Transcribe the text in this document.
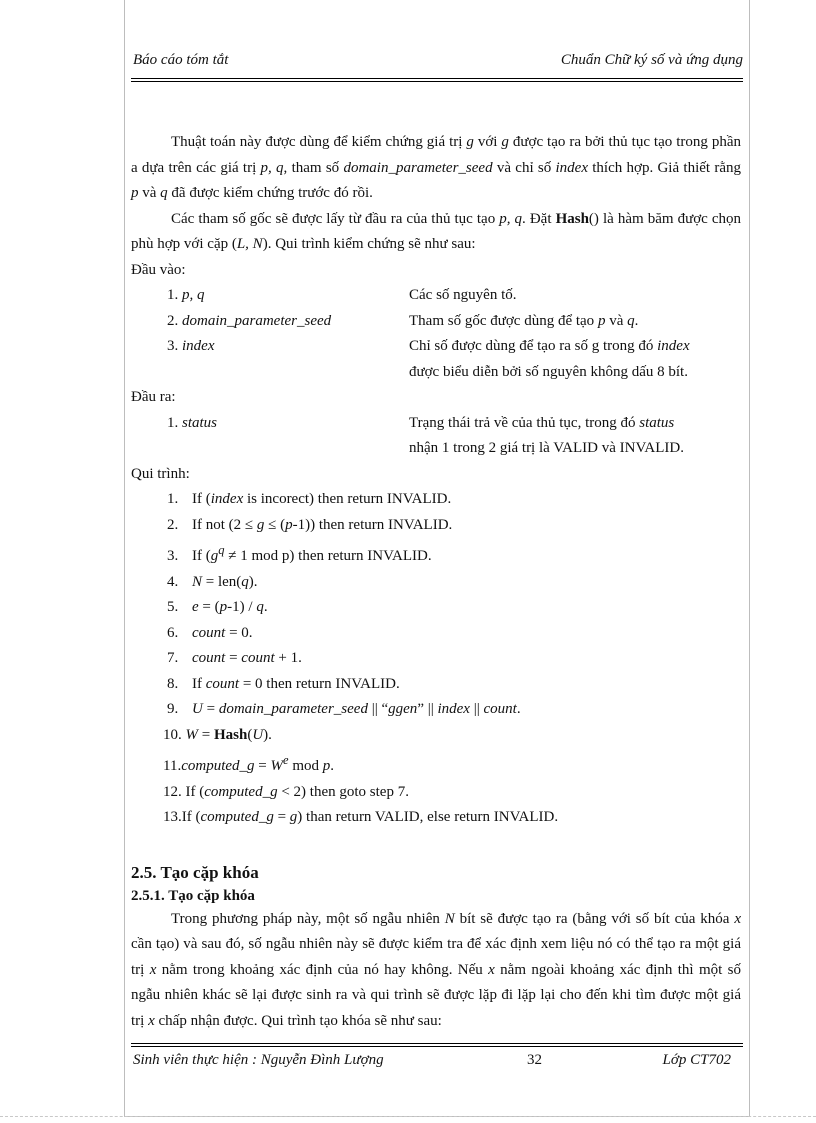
Báo cáo tóm tắt	Chuẩn Chữ ký số và ứng dụng

Thuật toán này được dùng để kiểm chứng giá trị g với g được tạo ra bởi thủ tục tạo trong phần a dựa trên các giá trị p, q, tham số domain_parameter_seed và chỉ số index thích hợp. Giả thiết rằng p và q đã được kiểm chứng trước đó rồi.

Các tham số gốc sẽ được lấy từ đầu ra của thủ tục tạo p, q. Đặt Hash() là hàm băm được chọn phù hợp với cặp (L, N). Qui trình kiểm chứng sẽ như sau:

Đầu vào:

1. p, q	Các số nguyên tố.
2. domain_parameter_seed	Tham số gốc được dùng để tạo p và q.
3. index	Chỉ số được dùng để tạo ra số g trong đó index
được biểu diễn bởi số nguyên không dấu 8 bít.

Đầu ra:

1. status	Trạng thái trả về của thủ tục, trong đó status
nhận 1 trong 2 giá trị là VALID và INVALID.

Qui trình:

1. If (index is incorect) then return INVALID.
2. If not (2 ≤ g ≤ (p-1)) then return INVALID.
3. If ($g^q \ne 1$ mod p) then return INVALID.
4. N = len(q).
5. e = (p-1) / q.
6. count = 0.
7. count = count + 1.
8. If count = 0 then return INVALID.
9. U = domain_parameter_seed || “ggen” || index || count.
10. W = Hash(U).
11.computed_g = $W^e$ mod p.
12. If (computed_g < 2) then goto step 7.
13.If (computed_g = g) than return VALID, else return INVALID.
2.5. Tạo cặp khóa
2.5.1. Tạo cặp khóa

Trong phương pháp này, một số ngẫu nhiên N bít sẽ được tạo ra (bằng với số bít của khóa x cần tạo) và sau đó, số ngẫu nhiên này sẽ được kiểm tra để xác định xem liệu nó có thể tạo ra một giá trị x nằm trong khoảng xác định của nó hay không. Nếu x nằm ngoài khoảng xác định thì một số ngẫu nhiên khác sẽ lại được sinh ra và qui trình sẽ được lặp đi lặp lại cho đến khi tìm được một giá trị x chấp nhận được. Qui trình tạo khóa sẽ như sau:

Sinh viên thực hiện : Nguyễn Đình Lượng	32	Lớp CT702
